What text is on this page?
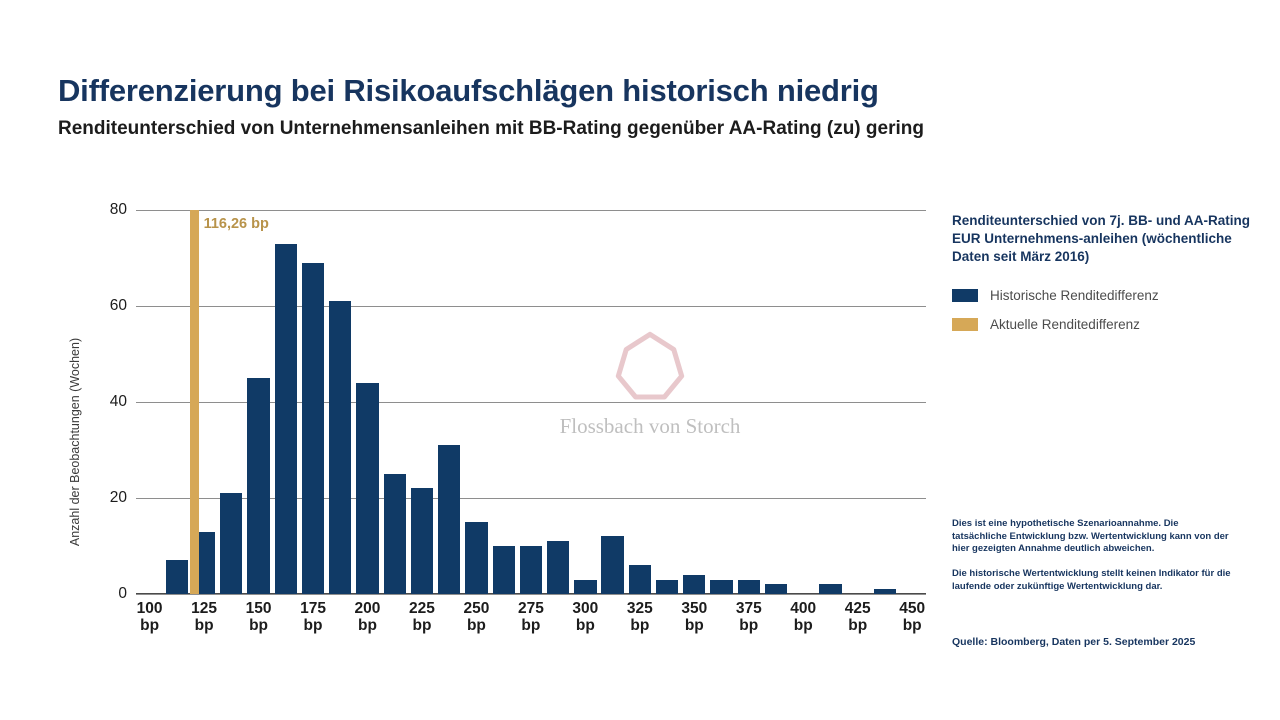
Differenzierung bei Risikoaufschlägen historisch niedrig
Renditeunterschied von Unternehmensanleihen mit BB-Rating gegenüber AA-Rating (zu) gering
Anzahl der Beobachtungen (Wochen)
0
20
40
60
80
116,26 bp
100
bp
125
bp
150
bp
175
bp
200
bp
225
bp
250
bp
275
bp
300
bp
325
bp
350
bp
375
bp
400
bp
425
bp
450
bp
Flossbach von Storch

Renditeunterschied von 7j. BB- und AA-Rating EUR Unternehmens-anleihen (wöchentliche Daten seit März 2016)

Historische Renditedifferenz
Aktuelle Renditedifferenz

Dies ist eine hypothetische Szenarioannahme. Die tatsächliche Entwicklung bzw. Wertentwicklung kann von der hier gezeigten Annahme deutlich abweichen.

Die historische Wertentwicklung stellt keinen Indikator für die laufende oder zukünftige Wertentwicklung dar.

Quelle: Bloomberg, Daten per 5. September 2025
